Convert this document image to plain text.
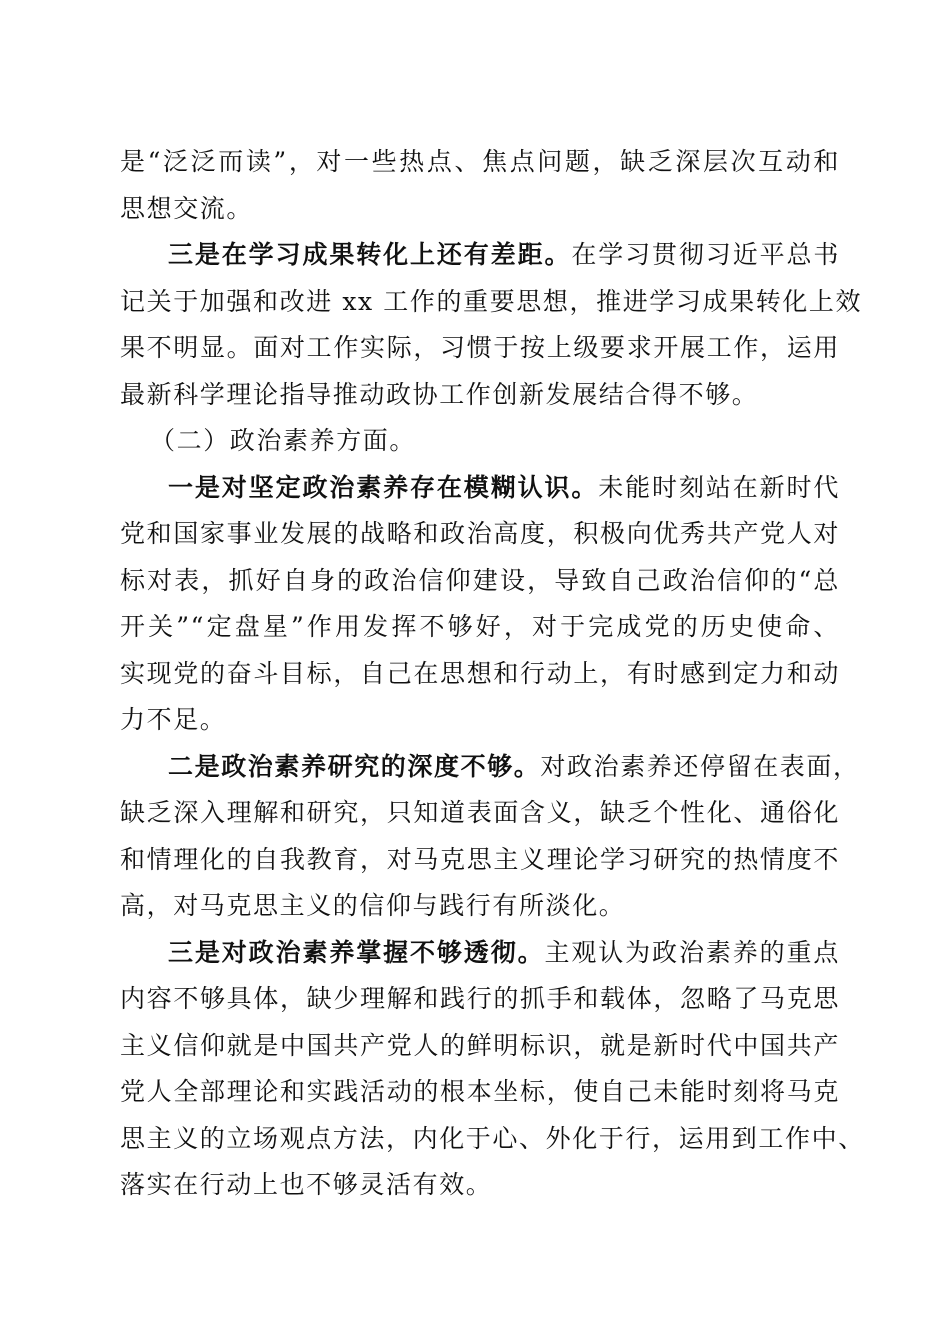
是“泛泛而读”，对一些热点、焦点问题，缺乏深层次互动和
思想交流。
三是在学习成果转化上还有差距。在学习贯彻习近平总书
记关于加强和改进 xx 工作的重要思想，推进学习成果转化上效
果不明显。面对工作实际，习惯于按上级要求开展工作，运用
最新科学理论指导推动政协工作创新发展结合得不够。
（二）政治素养方面。
一是对坚定政治素养存在模糊认识。未能时刻站在新时代
党和国家事业发展的战略和政治高度，积极向优秀共产党人对
标对表，抓好自身的政治信仰建设，导致自己政治信仰的“总
开关”“定盘星”作用发挥不够好，对于完成党的历史使命、
实现党的奋斗目标，自己在思想和行动上，有时感到定力和动
力不足。
二是政治素养研究的深度不够。对政治素养还停留在表面，
缺乏深入理解和研究，只知道表面含义，缺乏个性化、通俗化
和情理化的自我教育，对马克思主义理论学习研究的热情度不
高，对马克思主义的信仰与践行有所淡化。
三是对政治素养掌握不够透彻。主观认为政治素养的重点
内容不够具体，缺少理解和践行的抓手和载体，忽略了马克思
主义信仰就是中国共产党人的鲜明标识，就是新时代中国共产
党人全部理论和实践活动的根本坐标，使自己未能时刻将马克
思主义的立场观点方法，内化于心、外化于行，运用到工作中、
落实在行动上也不够灵活有效。
